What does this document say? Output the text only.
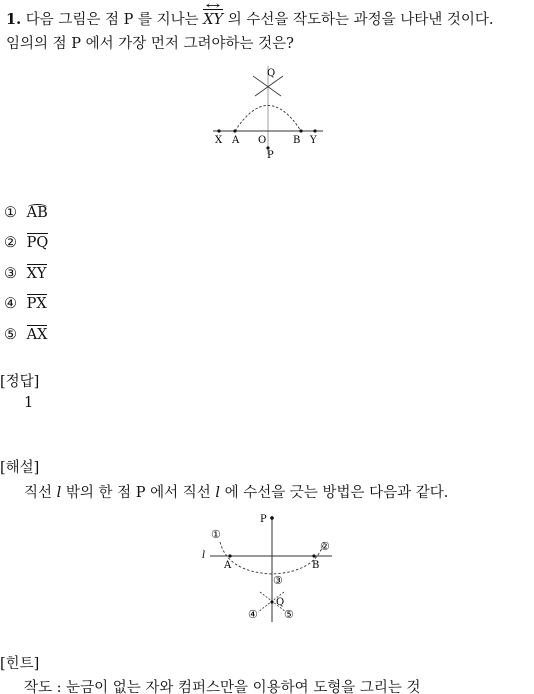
1. 다음 그림은 점 P 를 지나는 XY ↔ 의 수선을 작도하는 과정을 나타낸 것이다.
임의의 점 P 에서 가장 먼저 그려야하는 것은?
Q
X A O	B Y
P
① AB
② PQ
③ XY
④ PX
⑤ AX
[정답]
1
[해설]
직선 l 밖의 한 점 P 에서 직선 l 에 수선을 긋는 방법은 다음과 같다.
P
l
A	B
Q
①
②
③
④ ⑤
[힌트]
작도 : 눈금이 없는 자와 컴퍼스만을 이용하여 도형을 그리는 것
